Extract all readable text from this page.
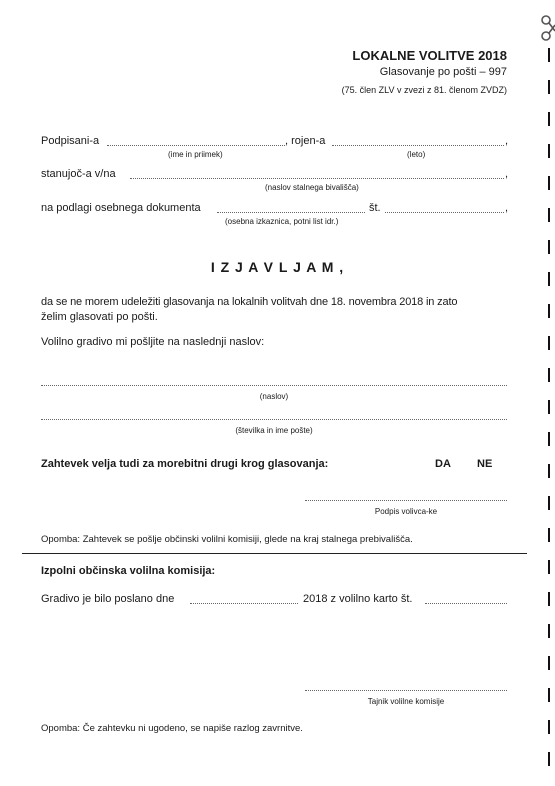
LOKALNE VOLITVE 2018
Glasovanje po pošti – 997
(75. člen ZLV v zvezi z 81. členom ZVDZ)
Podpisani-a	, rojen-a	,
(ime in priimek)	(leto)
stanujoč-a v/na	,
(naslov stalnega bivališča)
na podlagi osebnega dokumenta	št.	,
(osebna izkaznica, potni list idr.)
I Z J A V L J A M ,
da se ne morem udeležiti glasovanja na lokalnih volitvah dne 18. novembra 2018 in zato
želim glasovati po pošti.
Volilno gradivo mi pošljite na naslednji naslov:
(naslov)
(številka in ime pošte)
Zahtevek velja tudi za morebitni drugi krog glasovanja:	DA NE
Podpis volivca-ke
Opomba: Zahtevek se pošlje občinski volilni komisiji, glede na kraj stalnega prebivališča.
Izpolni občinska volilna komisija:
Gradivo je bilo poslano dne	2018 z volilno karto št.
Tajnik volilne komisije
Opomba: Če zahtevku ni ugodeno, se napiše razlog zavrnitve.
